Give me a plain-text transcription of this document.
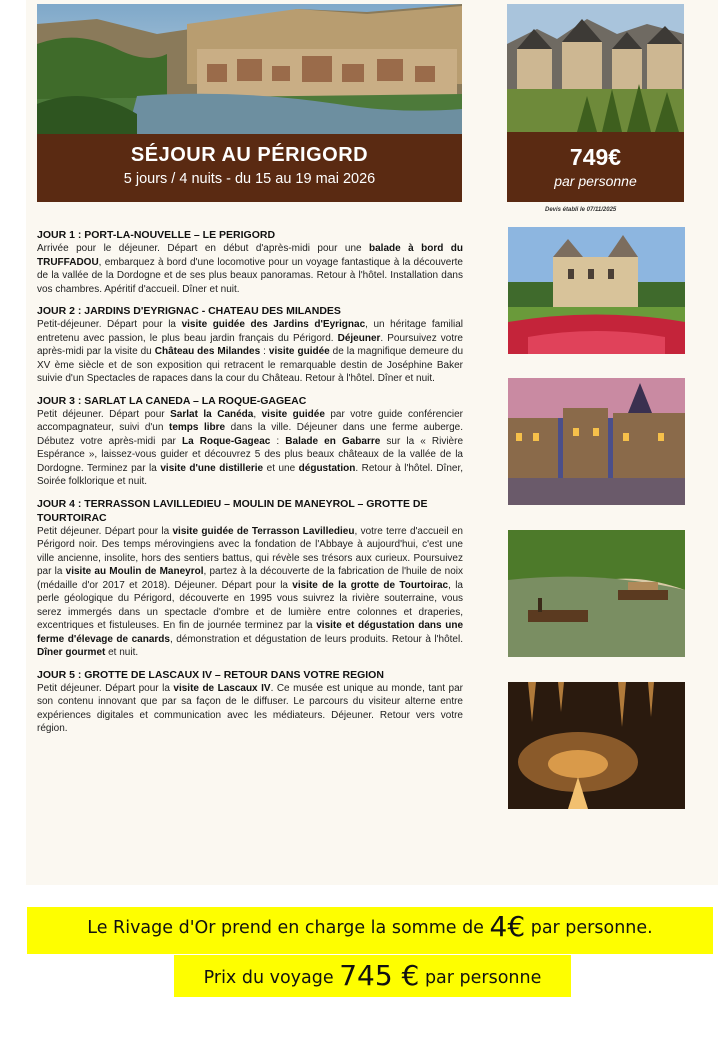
SÉJOUR AU PÉRIGORD
5 jours / 4 nuits - du 15 au 19 mai 2026
749€
par personne
Devis établi le 07/11/2025
JOUR 1 : PORT-LA-NOUVELLE – LE PERIGORD

Arrivée pour le déjeuner. Départ en début d'après-midi pour une balade à bord du TRUFFADOU, embarquez à bord d'une locomotive pour un voyage fantastique à la découverte de la vallée de la Dordogne et de ses plus beaux panoramas. Retour à l'hôtel. Installation dans vos chambres. Apéritif d'accueil. Dîner et nuit.

JOUR 2 : JARDINS D'EYRIGNAC - CHATEAU DES MILANDES

Petit-déjeuner. Départ pour la visite guidée des Jardins d'Eyrignac, un héritage familial entretenu avec passion, le plus beau jardin français du Périgord. Déjeuner. Poursuivez votre après-midi par la visite du Château des Milandes : visite guidée de la magnifique demeure du XV ème siècle et de son exposition qui retracent le remarquable destin de Joséphine Baker suivie d'un Spectacles de rapaces dans la cour du Château. Retour à l'hôtel. Dîner et nuit.

JOUR 3 : SARLAT LA CANEDA – LA ROQUE-GAGEAC

Petit déjeuner. Départ pour Sarlat la Canéda, visite guidée par votre guide conférencier accompagnateur, suivi d'un temps libre dans la ville. Déjeuner dans une ferme auberge. Débutez votre après-midi par La Roque-Gageac : Balade en Gabarre sur la « Rivière Espérance », laissez-vous guider et découvrez 5 des plus beaux châteaux de la vallée de la Dordogne. Terminez par la visite d'une distillerie et une dégustation. Retour à l'hôtel. Dîner, Soirée folklorique et nuit.

JOUR 4 : TERRASSON LAVILLEDIEU – MOULIN DE MANEYROL – GROTTE DE TOURTOIRAC

Petit déjeuner. Départ pour la visite guidée de Terrasson Lavilledieu, votre terre d'accueil en Périgord noir. Des temps mérovingiens avec la fondation de l'Abbaye à aujourd'hui, c'est une ville ancienne, insolite, hors des sentiers battus, qui révèle ses trésors aux curieux. Poursuivez par la visite au Moulin de Maneyrol, partez à la découverte de la fabrication de l'huile de noix (médaille d'or 2017 et 2018). Déjeuner. Départ pour la visite de la grotte de Tourtoirac, la perle géologique du Périgord, découverte en 1995 vous suivrez la rivière souterraine, vous serez immergés dans un spectacle d'ombre et de lumière entre colonnes et draperies, excentriques et fistuleuses. En fin de journée terminez par la visite et dégustation dans une ferme d'élevage de canards, démonstration et dégustation de leurs produits. Retour à l'hôtel. Dîner gourmet et nuit.

JOUR 5 : GROTTE DE LASCAUX IV – RETOUR DANS VOTRE REGION

Petit déjeuner. Départ pour la visite de Lascaux IV. Ce musée est unique au monde, tant par son contenu innovant que par sa façon de le diffuser. Le parcours du visiteur alterne entre expériences digitales et communication avec les médiateurs. Déjeuner. Retour vers votre région.

Le Rivage d'Or prend en charge la somme de 4€ par personne.
Prix du voyage 745 € par personne
